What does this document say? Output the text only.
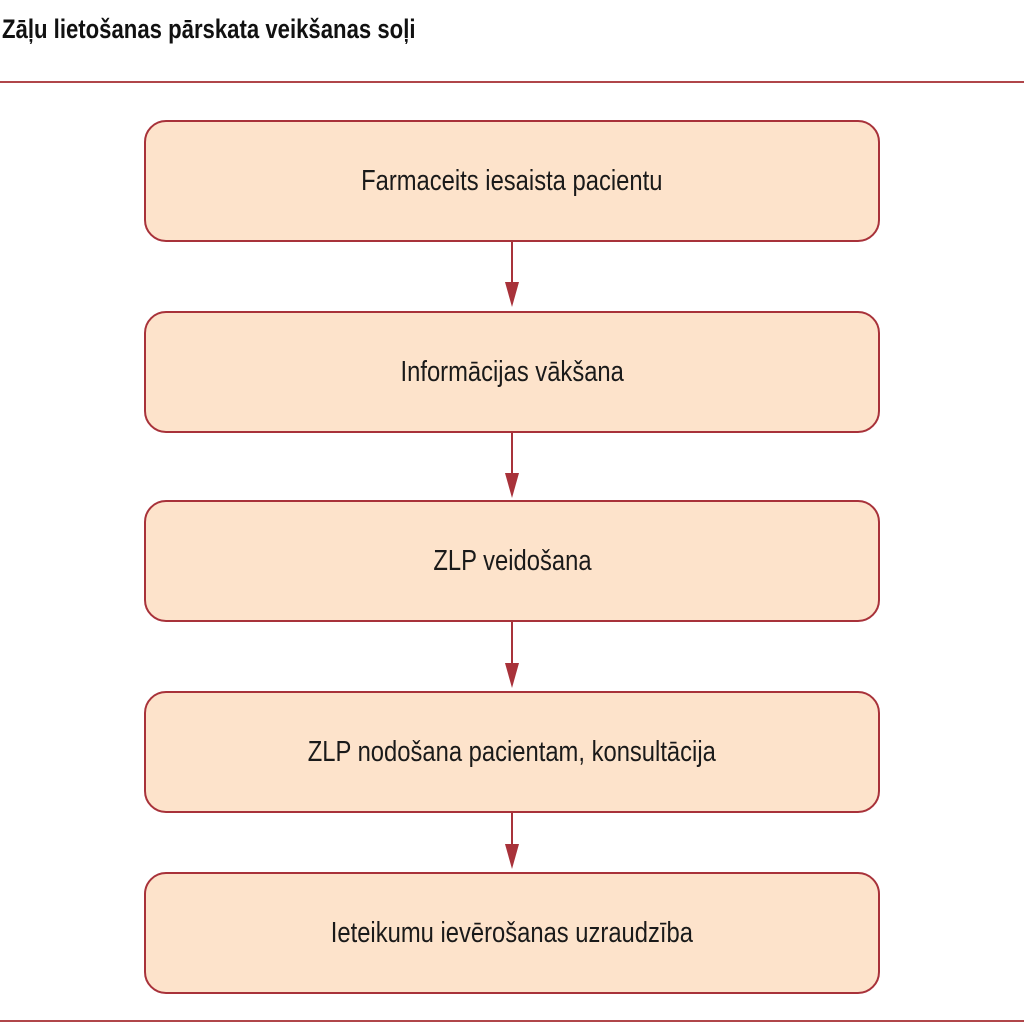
Zāļu lietošanas pārskata veikšanas soļi
Farmaceits iesaista pacientu
Informācijas vākšana
ZLP veidošana
ZLP nodošana pacientam, konsultācija
Ieteikumu ievērošanas uzraudzība
